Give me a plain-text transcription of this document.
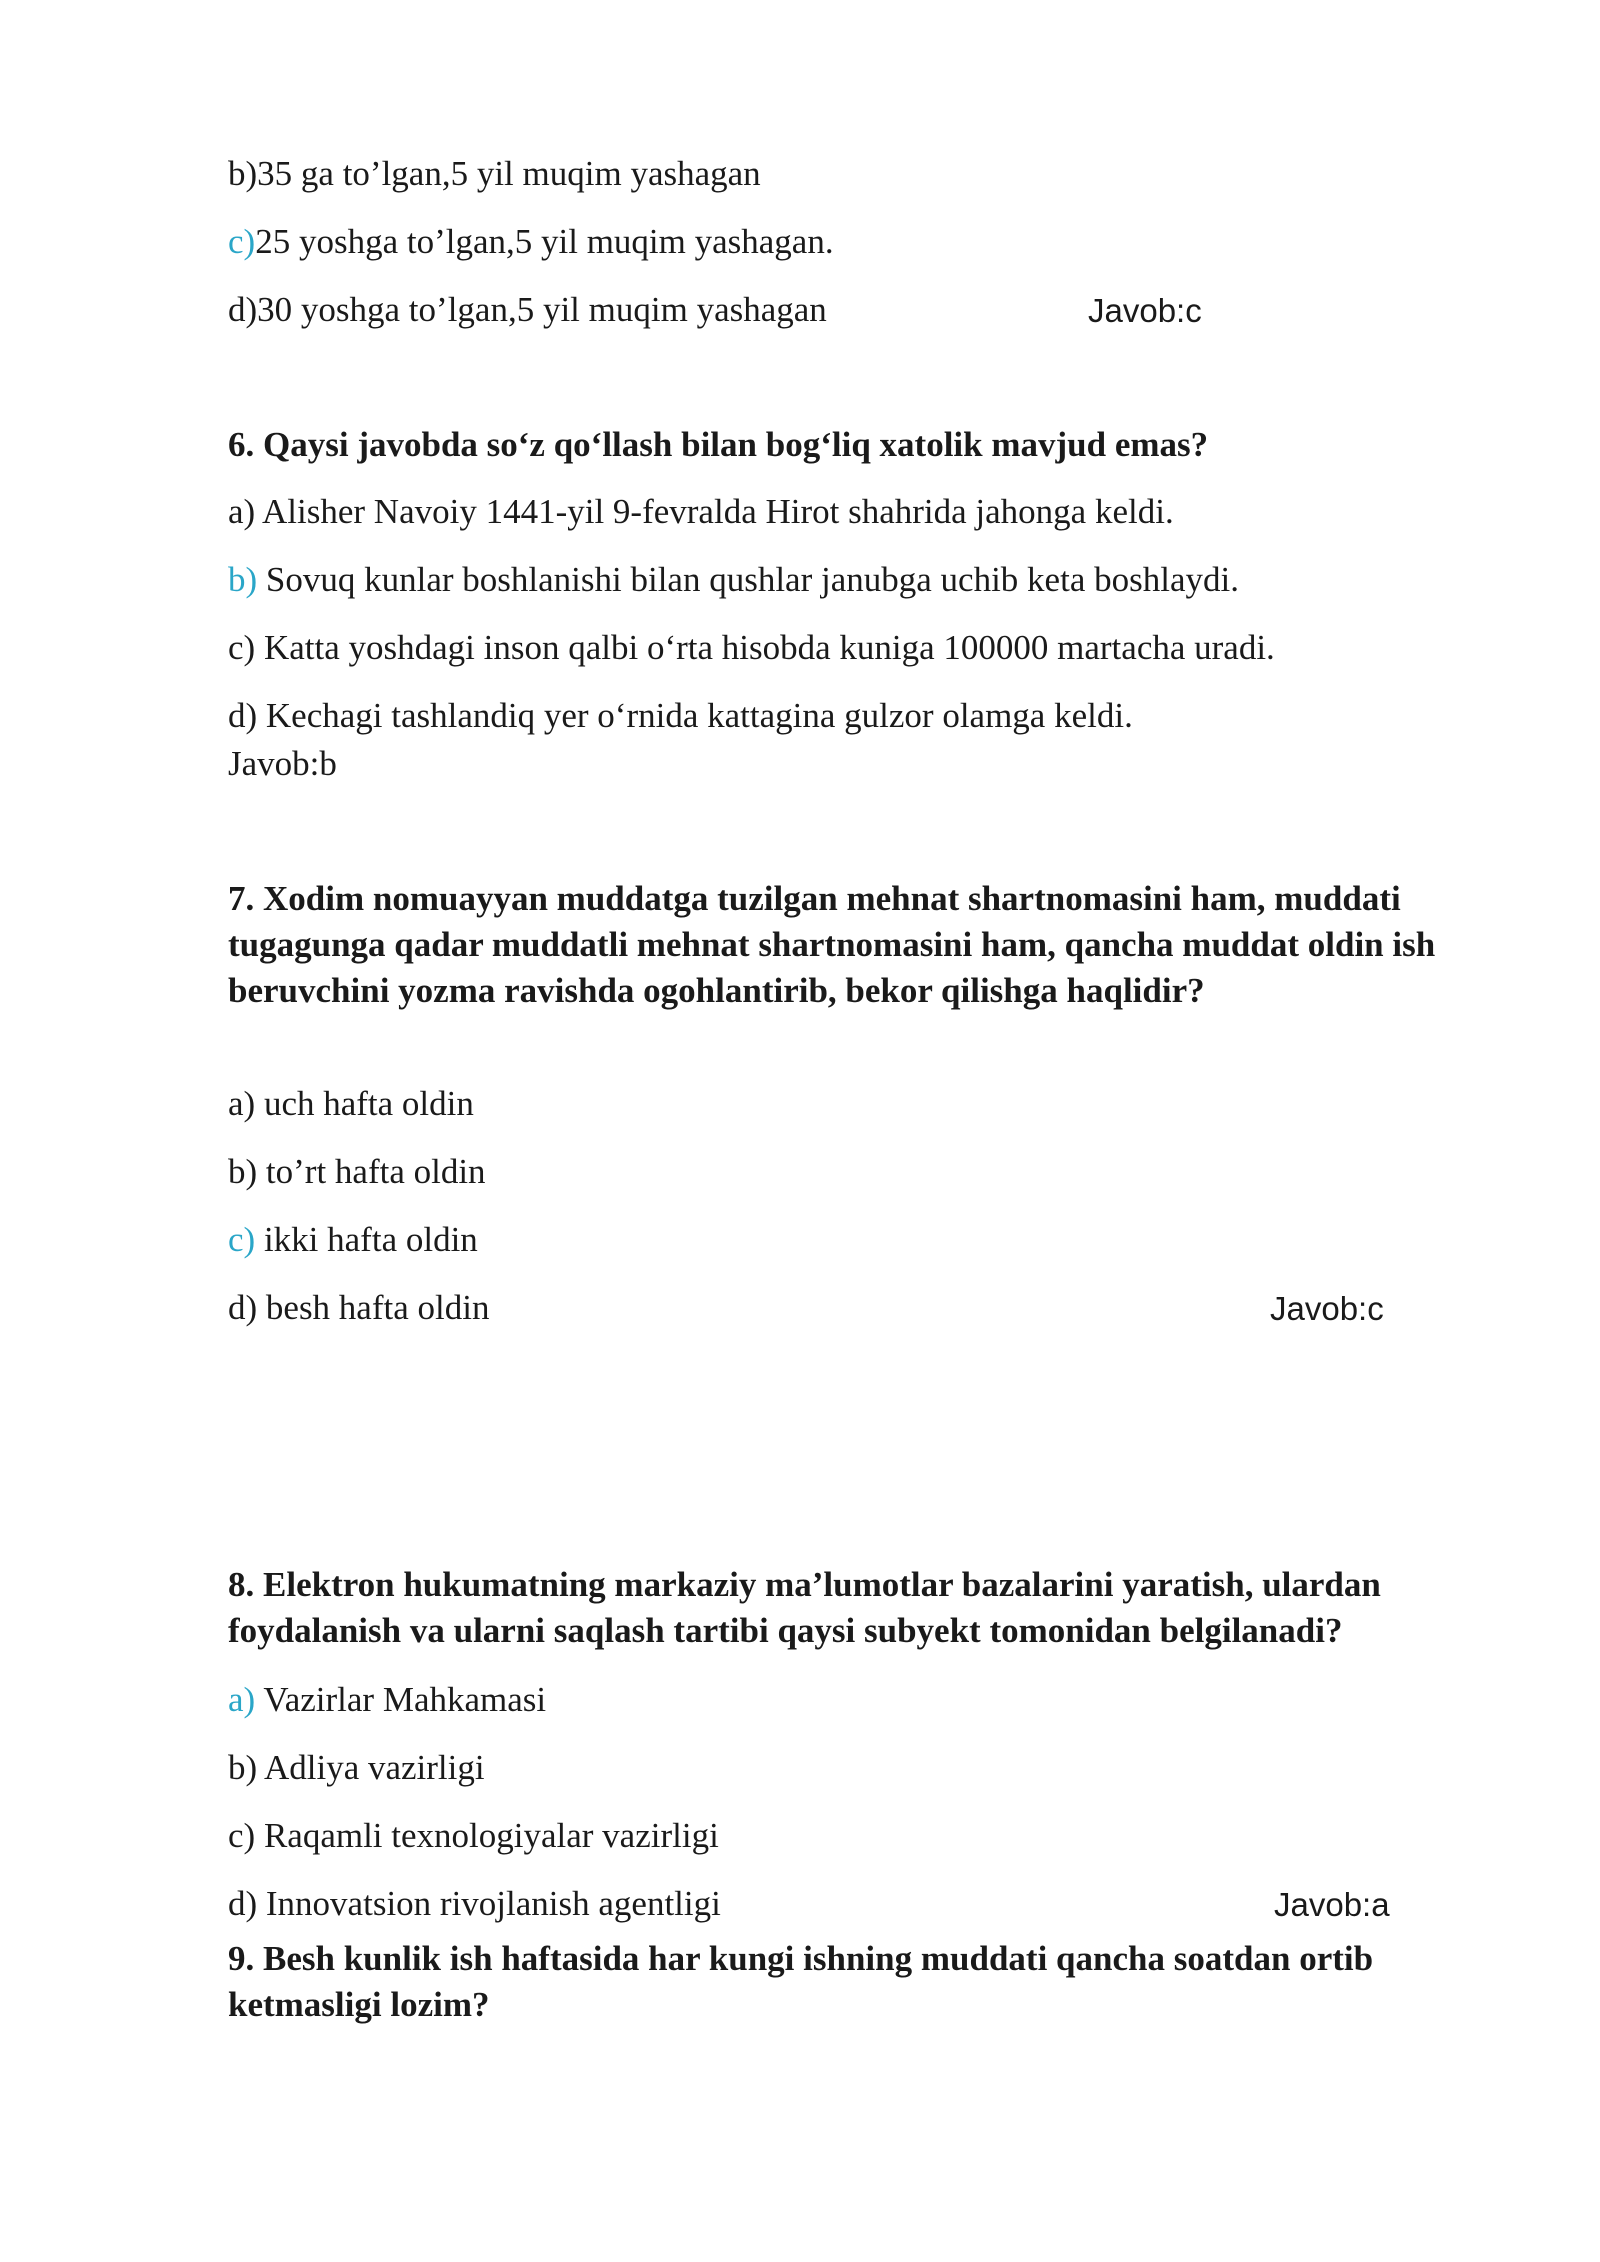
b)35 ga to’lgan,5 yil muqim yashagan
c)25 yoshga to’lgan,5 yil muqim yashagan.
d)30 yoshga to’lgan,5 yil muqim yashagan	Javob:c
6. Qaysi javobda so‘z qo‘llash bilan bog‘liq xatolik mavjud emas?
a) Alisher Navoiy 1441-yil 9-fevralda Hirot shahrida jahonga keldi.
b) Sovuq kunlar boshlanishi bilan qushlar janubga uchib keta boshlaydi.
c) Katta yoshdagi inson qalbi o‘rta hisobda kuniga 100000 martacha uradi.
d) Kechagi tashlandiq yer o‘rnida kattagina gulzor olamga keldi.
Javob:b
7. Xodim nomuayyan muddatga tuzilgan mehnat shartnomasini ham, muddati tugagunga qadar muddatli mehnat shartnomasini ham, qancha muddat oldin ish beruvchini yozma ravishda ogohlantirib, bekor qilishga haqlidir?
a) uch hafta oldin
b) to’rt hafta oldin
c) ikki hafta oldin
d) besh hafta oldin	Javob:c
8. Elektron hukumatning markaziy ma’lumotlar bazalarini yaratish, ulardan foydalanish va ularni saqlash tartibi qaysi subyekt tomonidan belgilanadi?
a) Vazirlar Mahkamasi
b) Adliya vazirligi
c) Raqamli texnologiyalar vazirligi
d) Innovatsion rivojlanish agentligi	Javob:a
9. Besh kunlik ish haftasida har kungi ishning muddati qancha soatdan ortib ketmasligi lozim?
